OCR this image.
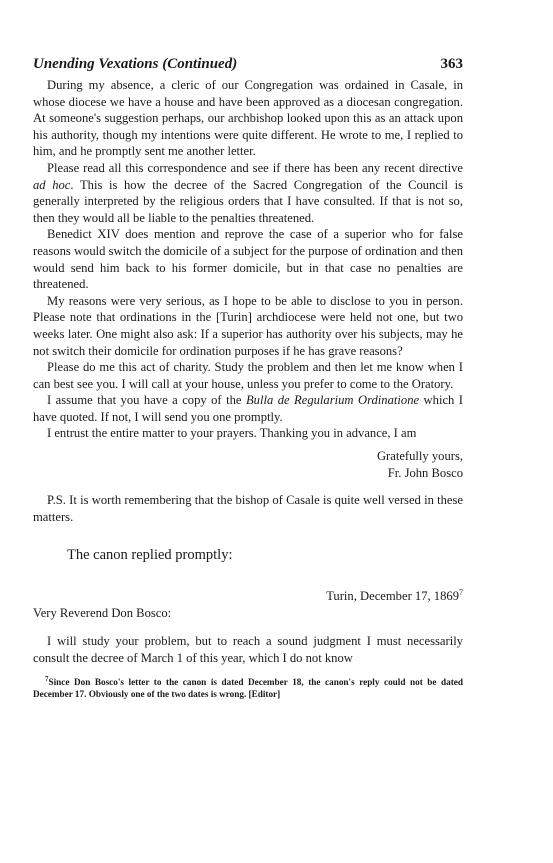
Unending Vexations (Continued)	363

During my absence, a cleric of our Congregation was ordained in Casale, in whose diocese we have a house and have been approved as a diocesan congregation. At someone's suggestion perhaps, our archbishop looked upon this as an attack upon his authority, though my intentions were quite different. He wrote to me, I replied to him, and he promptly sent me another letter.

Please read all this correspondence and see if there has been any recent directive ad hoc. This is how the decree of the Sacred Congregation of the Council is generally interpreted by the religious orders that I have consulted. If that is not so, then they would all be liable to the penalties threatened.

Benedict XIV does mention and reprove the case of a superior who for false reasons would switch the domicile of a subject for the purpose of ordination and then would send him back to his former domicile, but in that case no penalties are threatened.

My reasons were very serious, as I hope to be able to disclose to you in person. Please note that ordinations in the [Turin] archdiocese were held not one, but two weeks later. One might also ask: If a superior has authority over his subjects, may he not switch their domicile for ordination purposes if he has grave reasons?

Please do me this act of charity. Study the problem and then let me know when I can best see you. I will call at your house, unless you prefer to come to the Oratory.

I assume that you have a copy of the Bulla de Regularium Ordinatione which I have quoted. If not, I will send you one promptly.

I entrust the entire matter to your prayers. Thanking you in advance, I am

Gratefully yours,
Fr. John Bosco
P.S. It is worth remembering that the bishop of Casale is quite well versed in these matters.
The canon replied promptly:
Turin, December 17, 1869$^7$
Very Reverend Don Bosco:
I will study your problem, but to reach a sound judgment I must necessarily consult the decree of March 1 of this year, which I do not know
$^7$Since Don Bosco's letter to the canon is dated December 18, the canon's reply could not be dated December 17. Obviously one of the two dates is wrong. [Editor]
